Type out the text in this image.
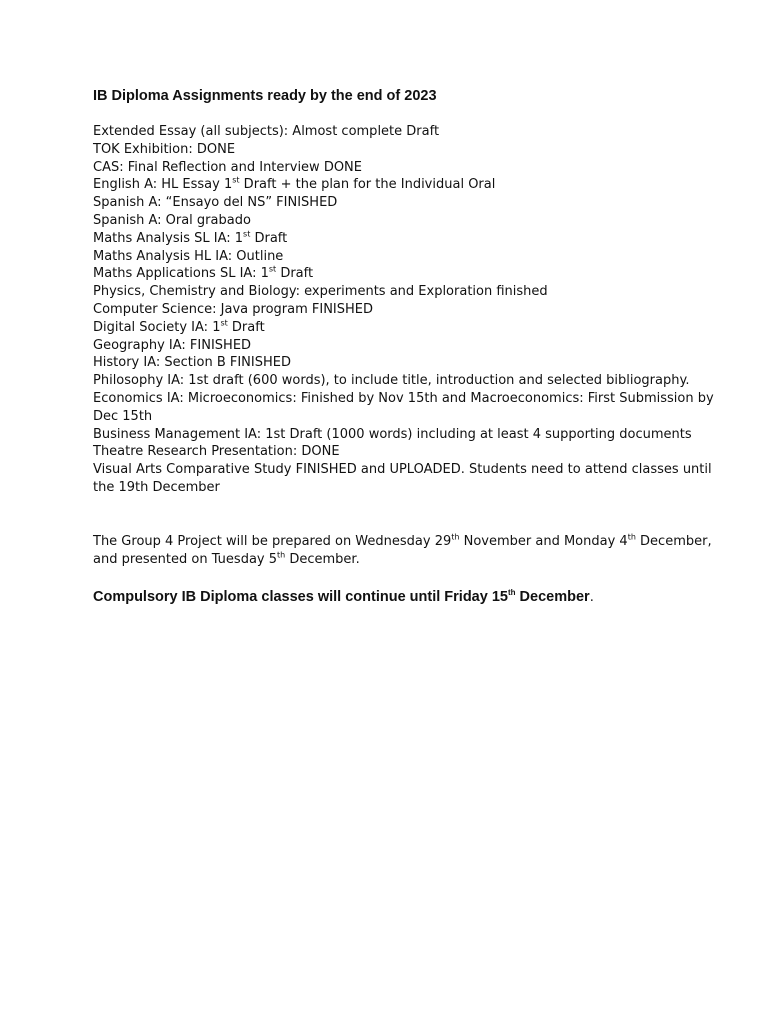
IB Diploma Assignments ready by the end of 2023
Extended Essay (all subjects): Almost complete Draft
TOK Exhibition: DONE
CAS: Final Reflection and Interview DONE
English A: HL Essay 1st Draft + the plan for the Individual Oral
Spanish A: “Ensayo del NS” FINISHED
Spanish A: Oral grabado
Maths Analysis SL IA: 1st Draft
Maths Analysis HL IA: Outline
Maths Applications SL IA: 1st Draft
Physics, Chemistry and Biology: experiments and Exploration finished
Computer Science: Java program FINISHED
Digital Society IA: 1st Draft
Geography IA: FINISHED
History IA: Section B FINISHED
Philosophy IA: 1st draft (600 words), to include title, introduction and selected bibliography.
Economics IA: Microeconomics: Finished by Nov 15th and Macroeconomics: First Submission by Dec 15th
Business Management IA: 1st Draft (1000 words) including at least 4 supporting documents
Theatre Research Presentation: DONE
Visual Arts Comparative Study FINISHED and UPLOADED. Students need to attend classes until the 19th December
The Group 4 Project will be prepared on Wednesday 29th November and Monday 4th December, and presented on Tuesday 5th December.
Compulsory IB Diploma classes will continue until Friday 15th December.
